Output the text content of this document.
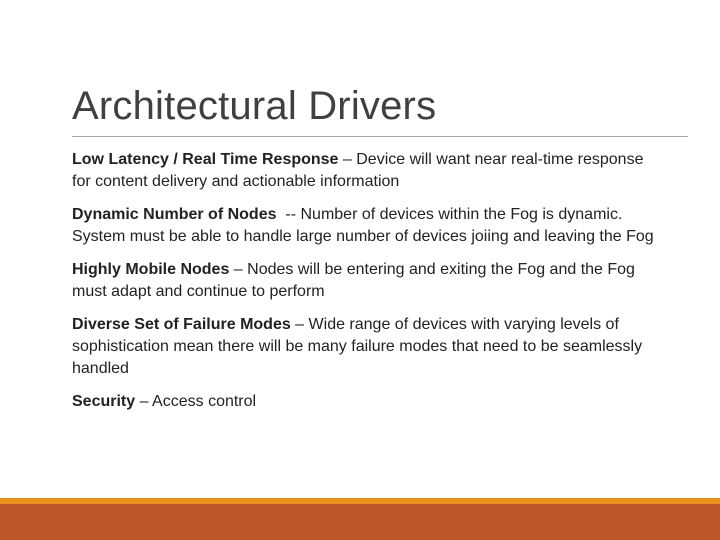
Architectural Drivers

Low Latency / Real Time Response – Device will want near real-time response for content delivery and actionable information

Dynamic Number of Nodes  -- Number of devices within the Fog is dynamic.  System must be able to handle large number of devices joiing and leaving the Fog

Highly Mobile Nodes – Nodes will be entering and exiting the Fog and the Fog must adapt and continue to perform

Diverse Set of Failure Modes – Wide range of devices with varying levels of sophistication mean there will be many failure modes that need to be seamlessly handled

Security – Access control
